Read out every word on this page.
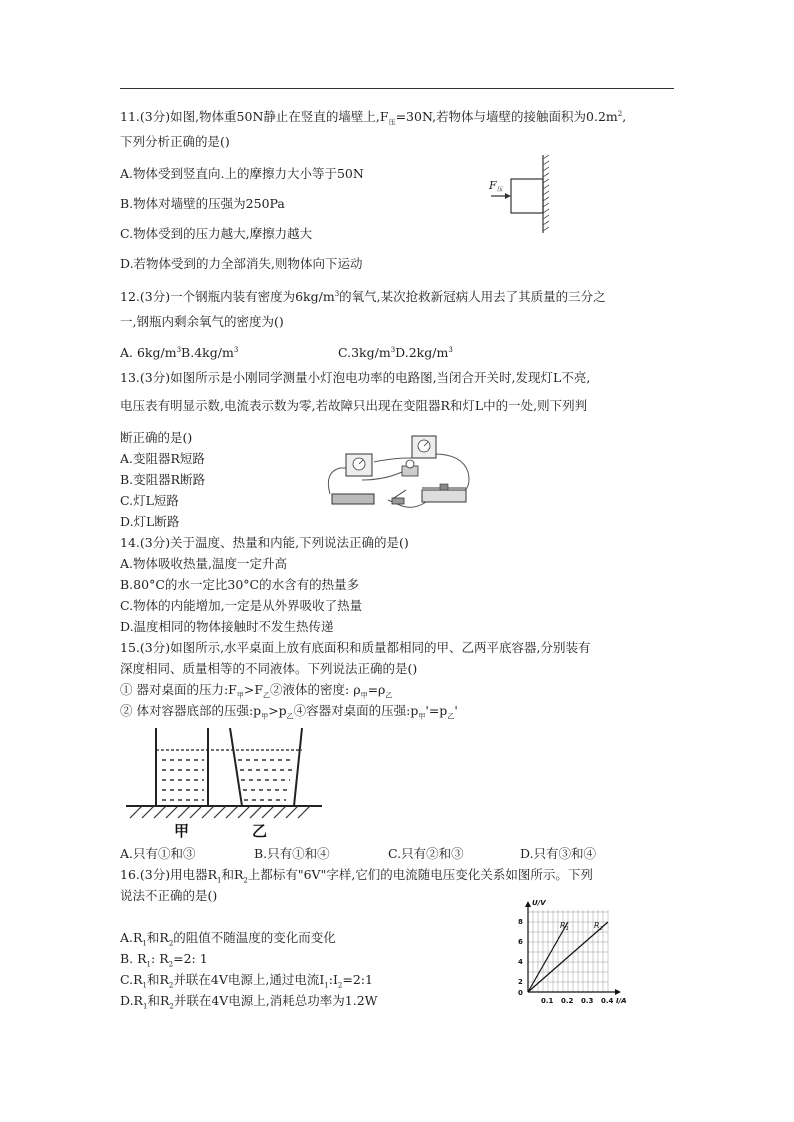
11.(3分)如图,物体重50N静止在竖直的墙壁上$,F_压=30N$,若物体与墙壁的接触面积为$0.2m^2$,
下列分析正确的是()
A.物体受到竖直向.上的摩擦力大小等于50N
B.物体对墙壁的压强为250Pa
C.物体受到的压力越大,摩擦力越大
D.若物体受到的力全部消失,则物体向下运动
F压
12.(3分)一个钢瓶内装有密度为$6kg/m^3$的氧气,某次抢救新冠病人用去了其质量的三分之
一,钢瓶内剩余氧气的密度为()
A. $6kg/m^3B.4kg/m^3$	$C.3kg/m^3D.2kg/m^3$
13.(3分)如图所示是小刚同学测量小灯泡电功率的电路图,当闭合开关时,发现灯L不亮,
电压表有明显示数,电流表示数为零,若故障只出现在变阻器R和灯L中的一处,则下列判
断正确的是()
A.变阻器R短路
B.变阻器R断路
C.灯L短路
D.灯L断路
14.(3分)关于温度、热量和内能,下列说法正确的是()
A.物体吸收热量,温度一定升高
B.80°C的水一定比30°C的水含有的热量多
C.物体的内能增加,一定是从外界吸收了热量
D.温度相同的物体接触时不发生热传递
15.(3分)如图所示,水平桌面上放有底面积和质量都相同的甲、乙两平底容器,分别装有
深度相同、质量相等的不同液体。下列说法正确的是()
① 器对桌面的压力$:F_甲>F_乙②$液体的密度: $\rho_甲=\rho_乙$
② 体对容器底部的压强$:p_甲>p_乙④$容器对桌面的压强$:p_甲'=p_乙'$
甲	乙
A.只有①和③	B.只有①和④	C.只有②和③	D.只有③和④
16.(3分)用电器$R_1$和$R_2$上都标有"6V"字样,它们的电流随电压变化关系如图所示。下列
说法不正确的是()
$A.R_1$和$R_2$的阻值不随温度的变化而变化
B. $R_1$: $R_2=2$: 1
$C.R_1$和$R_2$并联在4V电源上,通过电流$I_1:I_2=2:1$
$D.R_1$和$R_2$并联在4V电源上,消耗总功率为1.2W
U/V
8
6
4
2
0
0.1 0.2 0.3 0.4 I/A
$R_1$	$R_2$
